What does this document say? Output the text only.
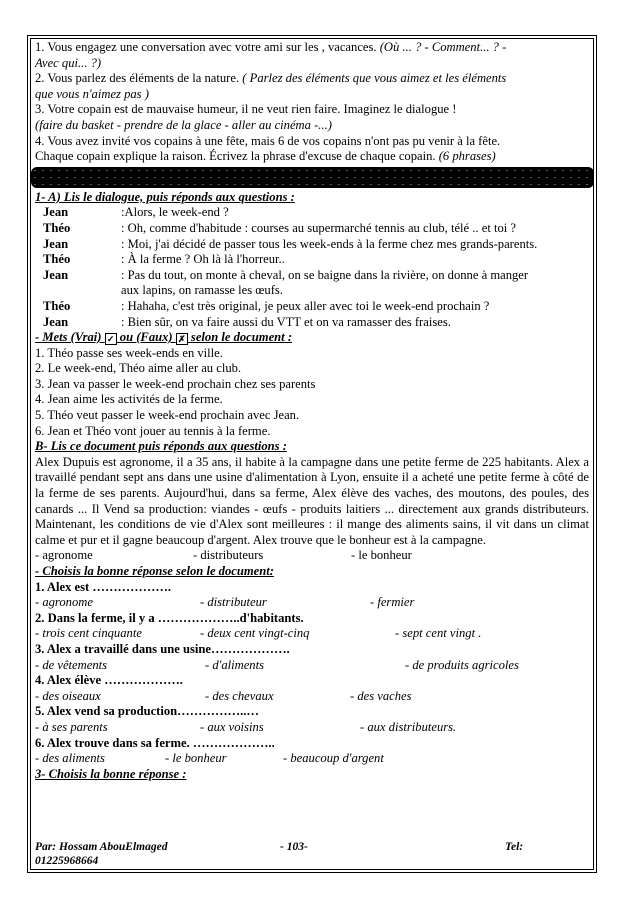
1. Vous engagez une conversation avec votre ami sur les , vacances. (Où ... ? - Comment... ? -
Avec qui... ?)
2. Vous parlez des éléments de la nature. ( Parlez des éléments que vous aimez et les éléments
que vous n'aimez pas )
3. Votre copain est de mauvaise humeur, il ne veut rien faire. Imaginez le dialogue !
(faire du basket - prendre de la glace - aller au cinéma -...)
4. Vous avez invité vos copains à une fête, mais 6 de vos copains n'ont pas pu venir à la fête.
Chaque copain explique la raison. Écrivez la phrase d'excuse de chaque copain. (6 phrases)
1- A) Lis le dialogue, puis réponds aux questions :
Jean	:Alors, le week-end ?
Théo	: Oh, comme d'habitude : courses au supermarché tennis au club, télé .. et toi ?
Jean	: Moi, j'ai décidé de passer tous les week-ends à la ferme chez mes grands-parents.
Théo	: À la ferme ? Oh là là l'horreur..
Jean	: Pas du tout, on monte à cheval, on se baigne dans la rivière, on donne à manger
aux lapins, on ramasse les œufs.
Théo	: Hahaha, c'est très original, je peux aller avec toi le week-end prochain ?
Jean	: Bien sûr, on va faire aussi du VTT et on va ramasser des fraises.
- Mets (Vrai) ✓ ou (Faux) ✗ selon le document :
1. Théo passe ses week-ends en ville.
2. Le week-end, Théo aime aller au club.
3. Jean va passer le week-end prochain chez ses parents
4. Jean aime les activités de la ferme.
5. Théo veut passer le week-end prochain avec Jean.
6. Jean et Théo vont jouer au tennis à la ferme.
B- Lis ce document puis réponds aux questions :
Alex Dupuis est agronome, il a 35 ans, il habite à la campagne dans une petite ferme de 225 habitants. Alex a travaillé pendant sept ans dans une usine d'alimentation à Lyon, ensuite il a acheté une petite ferme à côté de la ferme de ses parents. Aujourd'hui, dans sa ferme, Alex élève des vaches, des moutons, des poules, des canards ... Il Vend sa production: viandes - œufs - produits laitiers ... directement aux grands distributeurs. Maintenant, les conditions de vie d'Alex sont meilleures : il mange des aliments sains, il vit dans un climat calme et pur et il gagne beaucoup d'argent. Alex trouve que le bonheur est à la campagne.
- agronome	- distributeurs	- le bonheur
- Choisis la bonne réponse selon le document:
1. Alex est ……………….
- agronome	- distributeur	- fermier
2. Dans la ferme, il y a ………………..d'habitants.
- trois cent cinquante	- deux cent vingt-cinq	- sept cent vingt .
3. Alex a travaillé dans une usine……………….
- de vêtements	- d'aliments	- de produits agricoles
4. Alex élève ……………….
- des oiseaux	- des chevaux	- des vaches
5. Alex vend sa production……………..…
- à ses parents	- aux voisins	- aux distributeurs.
6. Alex trouve dans sa ferme. ………………..
- des aliments	- le bonheur	- beaucoup d'argent
3- Choisis la bonne réponse :
Par: Hossam AbouElmaged	- 103-	Tel:
01225968664
